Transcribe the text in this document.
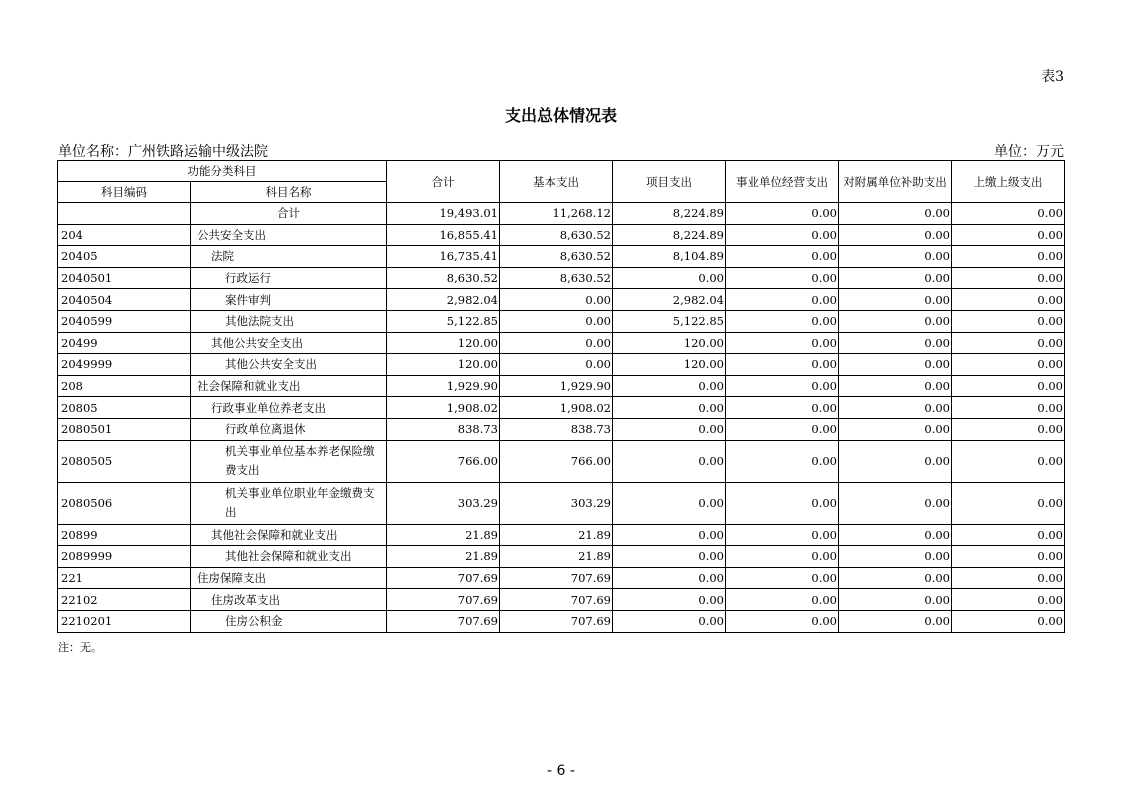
表3
支出总体情况表
单位名称：广州铁路运输中级法院	单位：万元
功能分类科目		合计	基本支出	项目支出	事业单位经营支出	对附属单位补助支出	上缴上级支出
科目编码	科目名称						
	合计	19,493.01	11,268.12	8,224.89	0.00	0.00	0.00
204	公共安全支出	16,855.41	8,630.52	8,224.89	0.00	0.00	0.00
20405	法院	16,735.41	8,630.52	8,104.89	0.00	0.00	0.00
2040501	行政运行	8,630.52	8,630.52	0.00	0.00	0.00	0.00
2040504	案件审判	2,982.04	0.00	2,982.04	0.00	0.00	0.00
2040599	其他法院支出	5,122.85	0.00	5,122.85	0.00	0.00	0.00
20499	其他公共安全支出	120.00	0.00	120.00	0.00	0.00	0.00
2049999	其他公共安全支出	120.00	0.00	120.00	0.00	0.00	0.00
208	社会保障和就业支出	1,929.90	1,929.90	0.00	0.00	0.00	0.00
20805	行政事业单位养老支出	1,908.02	1,908.02	0.00	0.00	0.00	0.00
2080501	行政单位离退休	838.73	838.73	0.00	0.00	0.00	0.00
2080505	机关事业单位基本养老保险缴费支出	766.00	766.00	0.00	0.00	0.00	0.00
2080506	机关事业单位职业年金缴费支出	303.29	303.29	0.00	0.00	0.00	0.00
20899	其他社会保障和就业支出	21.89	21.89	0.00	0.00	0.00	0.00
2089999	其他社会保障和就业支出	21.89	21.89	0.00	0.00	0.00	0.00
221	住房保障支出	707.69	707.69	0.00	0.00	0.00	0.00
22102	住房改革支出	707.69	707.69	0.00	0.00	0.00	0.00
2210201	住房公积金	707.69	707.69	0.00	0.00	0.00	0.00
注：无。
- 6 -
